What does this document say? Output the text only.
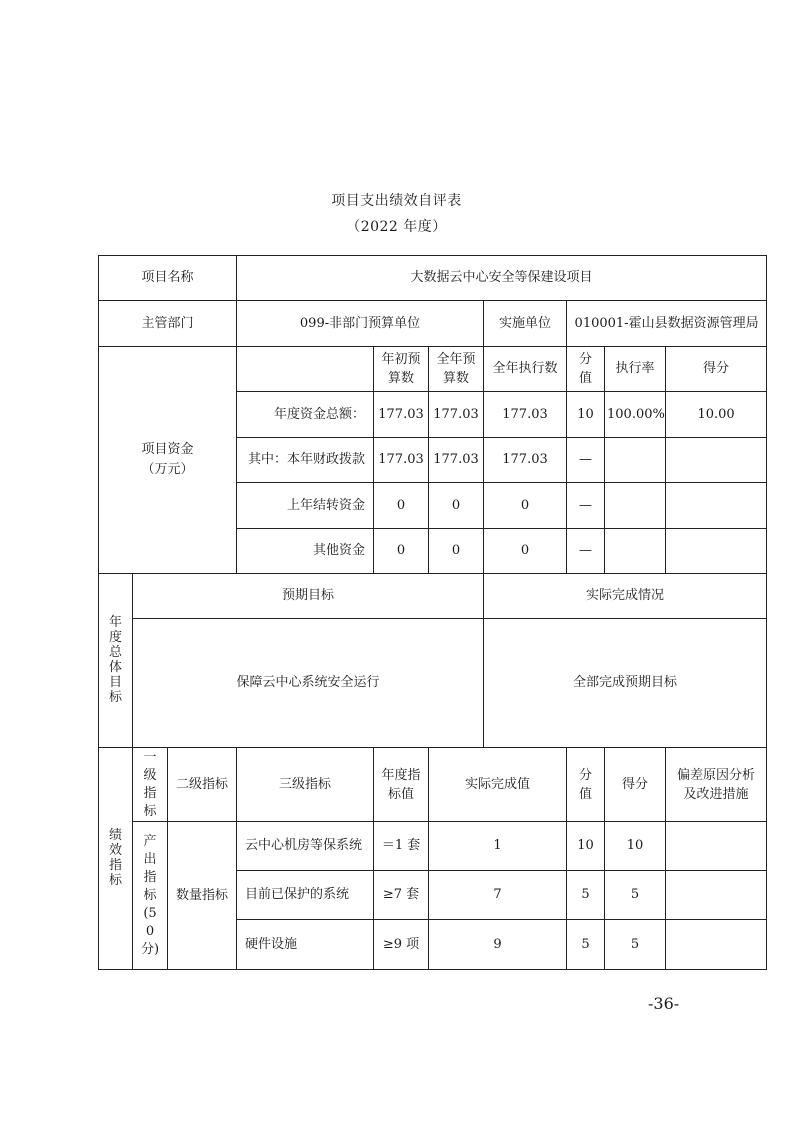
项目支出绩效自评表
（2022 年度）
项目名称			大数据云中心安全等保建设项目						
主管部门			099-非部门预算单位			实施单位	010001-霍山县数据资源管理局		
项目资金（万元）				年初预算数	全年预算数	全年执行数	分值	执行率	得分
			年度资金总额：	177.03	177.03	177.03	10	100.00%	10.00
			其中：本年财政拨款	177.03	177.03	177.03	—		
			上年结转资金	0	0	0	—		
			其他资金	0	0	0	—		
年度总体目标	预期目标					实际完成情况			
	保障云中心系统安全运行					全部完成预期目标			
绩效指标	一级指标	二级指标	三级指标	年度指标值	实际完成值		分值	得分	偏差原因分析及改进措施
	产出指标(50分)	数量指标	云中心机房等保系统	＝1 套	1		10	10	
			目前已保护的系统	≥7 套	7		5	5	
			硬件设施	≥9 项	9		5	5	
-36-
